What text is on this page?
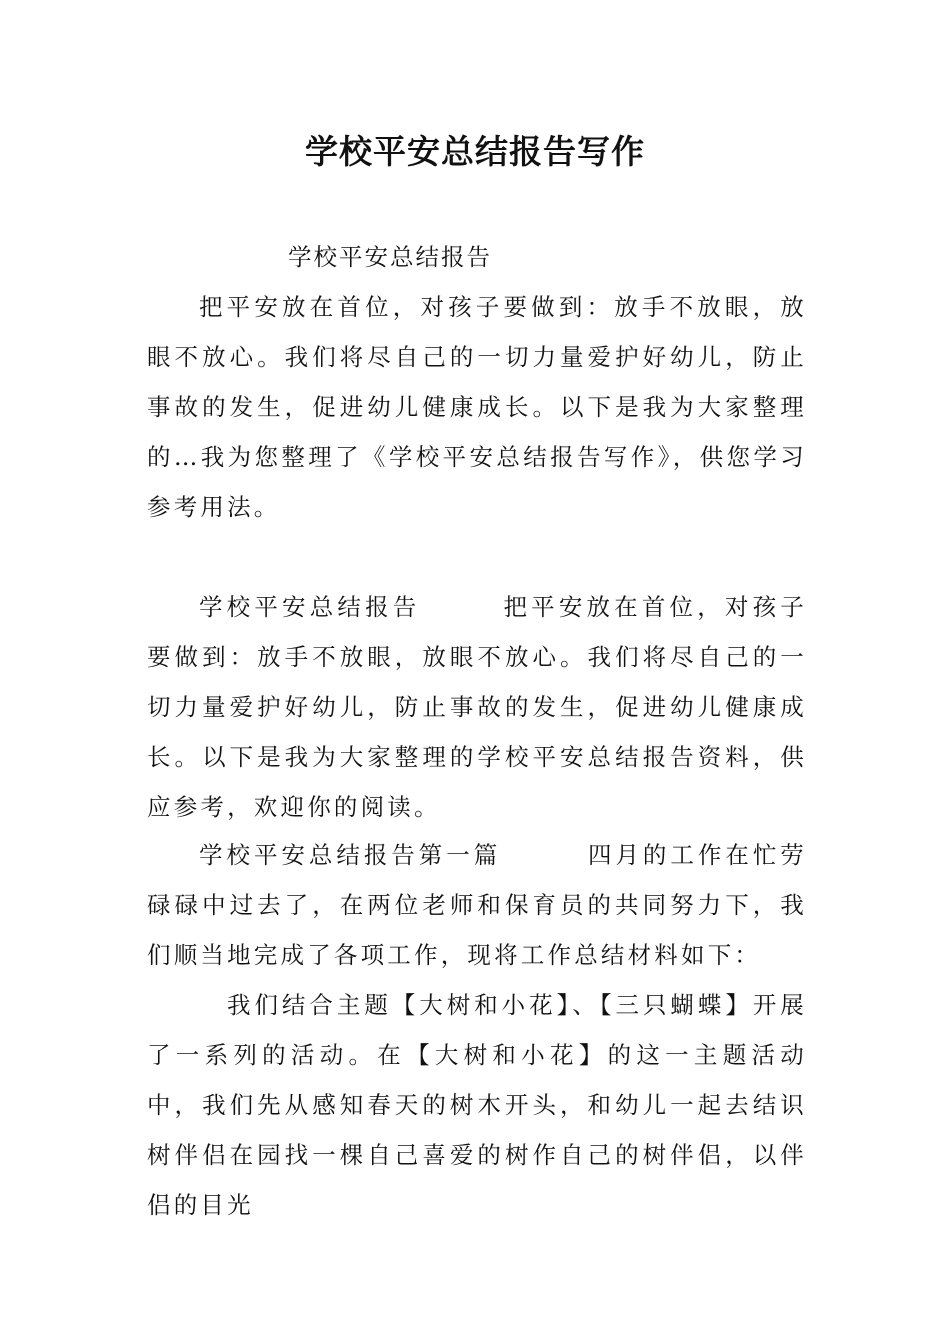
学校平安总结报告写作
学校平安总结报告
把平安放在首位，对孩子要做到：放手不放眼，放眼不放心。我们将尽自己的一切力量爱护好幼儿，防止事故的发生，促进幼儿健康成长。以下是我为大家整理的…我为您整理了《学校平安总结报告写作》，供您学习参考用法。
学校平安总结报告	把平安放在首位，对孩子要做到：放手不放眼，放眼不放心。我们将尽自己的一切力量爱护好幼儿，防止事故的发生，促进幼儿健康成长。以下是我为大家整理的学校平安总结报告资料，供应参考，欢迎你的阅读。
学校平安总结报告第一篇	四月的工作在忙劳碌碌中过去了，在两位老师和保育员的共同努力下，我们顺当地完成了各项工作，现将工作总结材料如下：
我们结合主题【大树和小花】、【三只蝴蝶】开展了一系列的活动。在【大树和小花】的这一主题活动中，我们先从感知春天的树木开头，和幼儿一起去结识树伴侣在园找一棵自己喜爱的树作自己的树伴侣，以伴侣的目光
